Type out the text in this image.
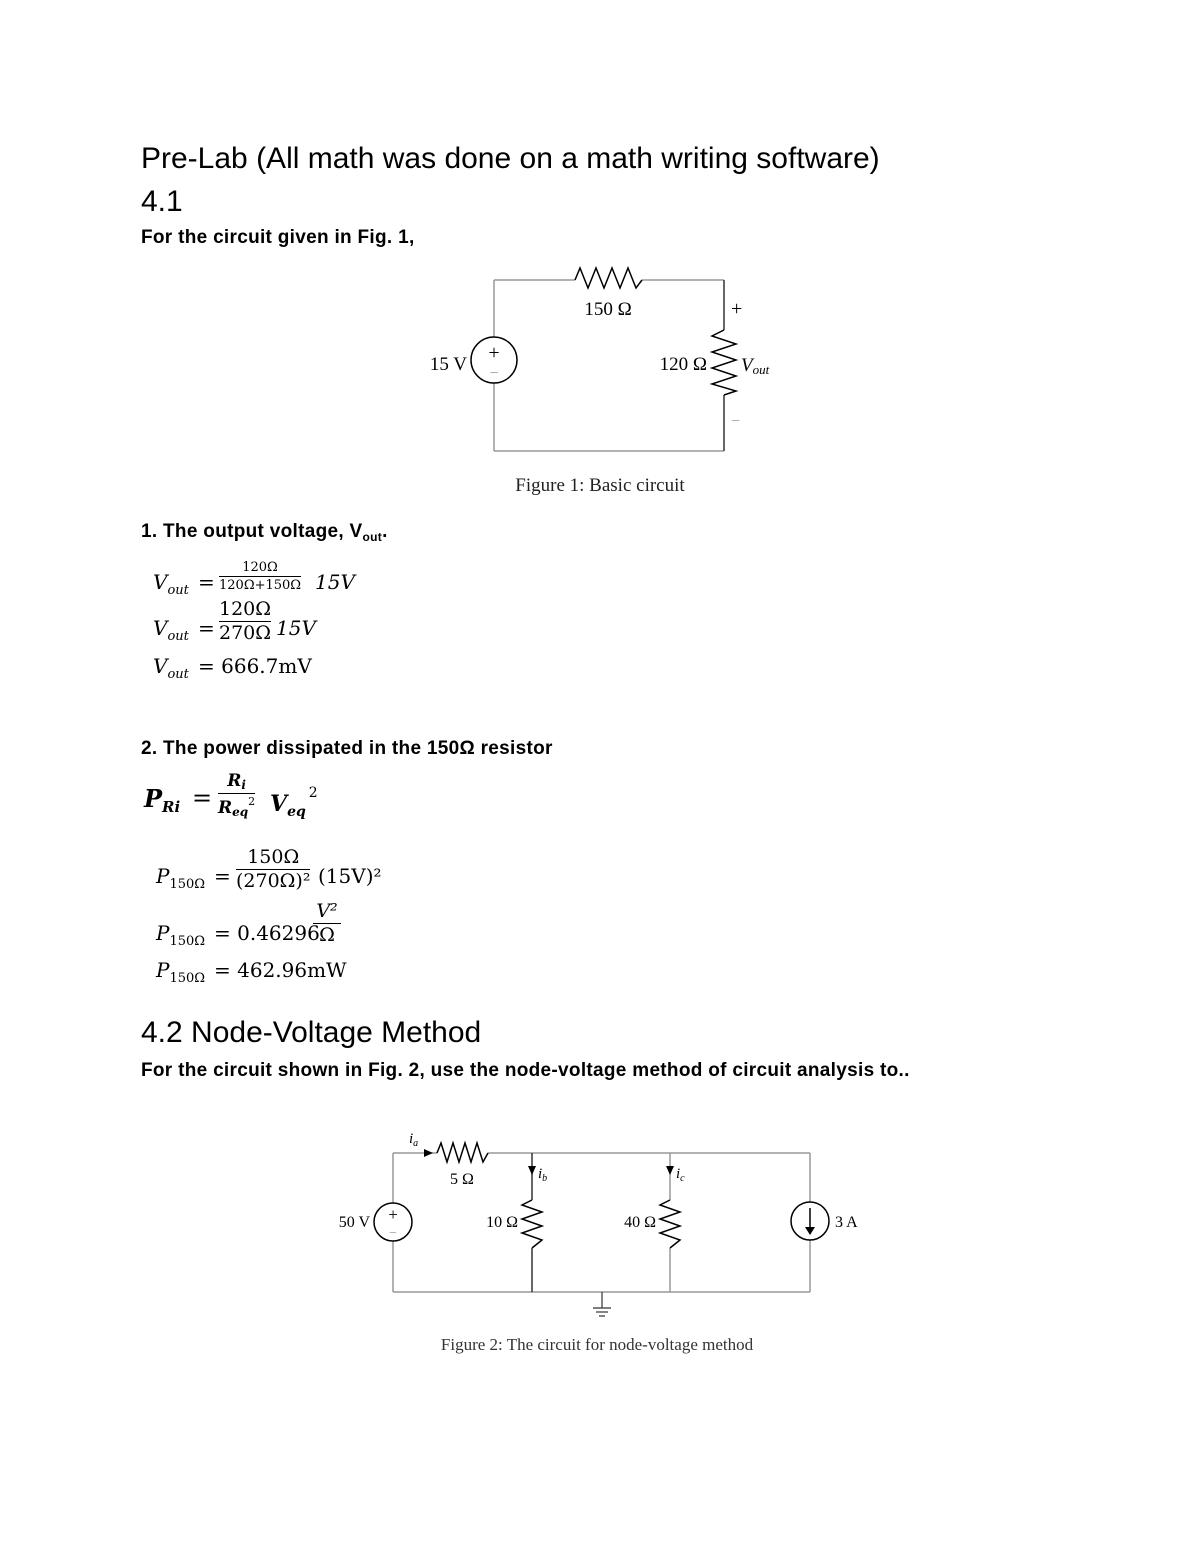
Pre-Lab (All math was done on a math writing software)
4.1
For the circuit given in Fig. 1,
+
−
15 V
150 Ω
120 Ω
+
−
Vout
Figure 1: Basic circuit
1. The output voltage, $V_{out}$.
$V_{out}$ =
120Ω
120Ω+150Ω 15V
$V_{out}$ =
120Ω
270Ω 15V
$V_{out} = 666.7mV$
2. The power dissipated in the 150Ω resistor
$P_{Ri}$ =
Ri
Req$^2$ $V_{eq}^2$
$P_{150\Omega}$ =
150Ω
(270Ω)² (15V)²
$P_{150\Omega} = 0.46296$
V²
Ω
$P_{150\Omega} = 462.96mW$
4.2 Node-Voltage Method
For the circuit shown in Fig. 2, use the node-voltage method of circuit analysis to..
+
−
50 V	3 A
5 Ω
10 Ω	40 Ω
$i_a$
$i_b$	$i_c$
Figure 2: The circuit for node-voltage method
